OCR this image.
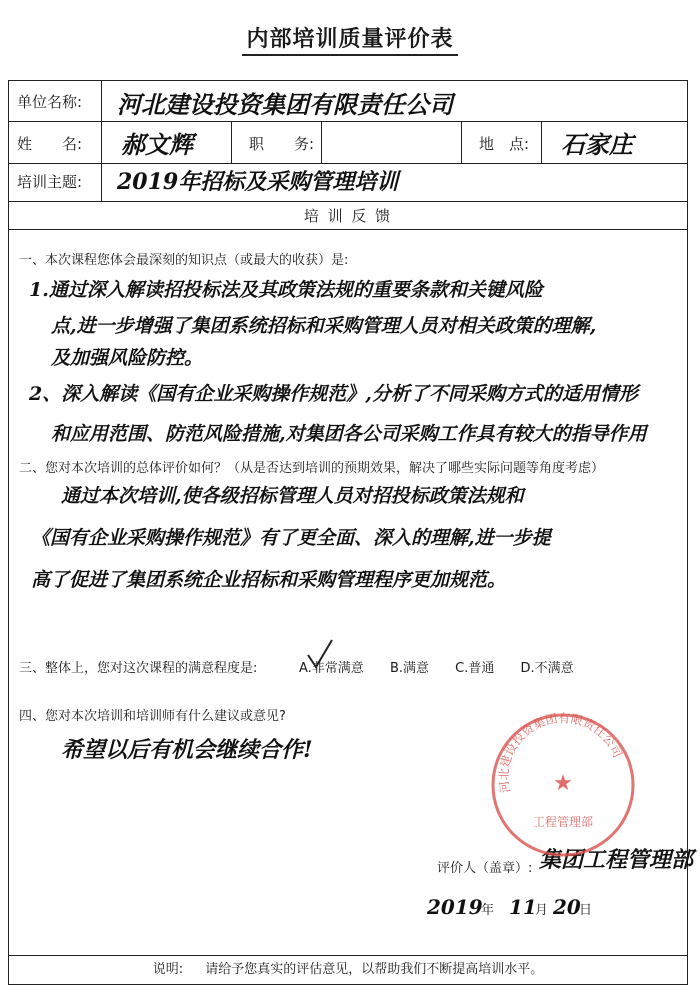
内部培训质量评价表
单位名称: 河北建设投资集团有限责任公司
姓　　名: 郝文辉	职　　务:	地　点: 石家庄
培训主题: 2019年招标及采购管理培训
培 训 反 馈
一、本次课程您体会最深刻的知识点（或最大的收获）是:
1.通过深入解读招投标法及其政策法规的重要条款和关键风险
点,进一步增强了集团系统招标和采购管理人员对相关政策的理解,
及加强风险防控。
2、深入解读《国有企业采购操作规范》,分析了不同采购方式的适用情形
和应用范围、防范风险措施,对集团各公司采购工作具有较大的指导作用
二、您对本次培训的总体评价如何？（从是否达到培训的预期效果，解决了哪些实际问题等角度考虑）
通过本次培训,使各级招标管理人员对招投标政策法规和
《国有企业采购操作规范》有了更全面、深入的理解,进一步提
高了促进了集团系统企业招标和采购管理程序更加规范。
三、整体上，您对这次课程的满意程度是:	A.非常满意 B.满意 C.普通 D.不满意
四、您对本次培训和培训师有什么建议或意见?
希望以后有机会继续合作!
评价人（盖章）: 集团工程管理部
2019
年 11
月 20
日
说明: 请给予您真实的评估意见，以帮助我们不断提高培训水平。
河北建设投资集团有限责任公司
★
工程管理部
